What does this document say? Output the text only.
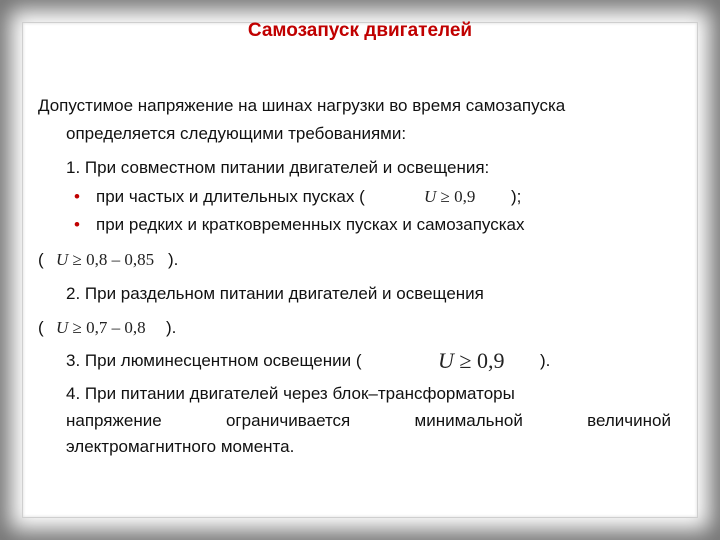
Самозапуск двигателей
Допустимое напряжение на шинах нагрузки во время самозапуска
определяется следующими требованиями:
1. При совместном питании двигателей и освещения:
• при частых и длительных пусках (	U ≥ 0,9 );
• при редких и кратковременных пусках и самозапусках
( U ≥ 0,8 – 0,85 ).
2. При раздельном питании двигателей и освещения
( U ≥ 0,7 – 0,8 ).
3. При люминесцентном освещении (	U ≥ 0,9 ).
4. При питании двигателей через блок–трансформаторы
напряжение	ограничивается	минимальной	величиной
электромагнитного момента.
